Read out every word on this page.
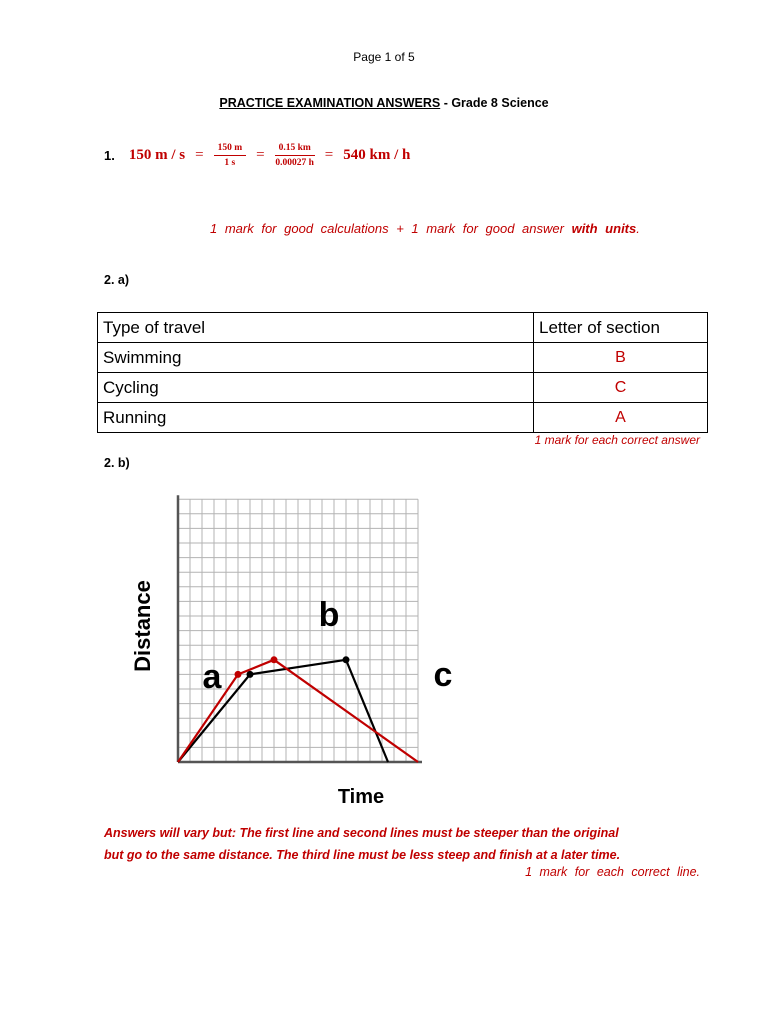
Page 1 of 5
PRACTICE EXAMINATION ANSWERS - Grade 8 Science
1. 150 $m / s = \frac{150 m}{1 s} = \frac{0.15 km}{0.00027 h} = 540$ km / h
1 mark for good calculations + 1 mark for good answer with units.
2. a)
Type of travel	Letter of section
Swimming	B
Cycling	C
Running	A
1 mark for each correct answer
2. b)
Distance
Time
a
b
c
Answers will vary but: The first line and second lines must be steeper than the original
but go to the same distance. The third line must be less steep and finish at a later time.
1 mark for each correct line.
